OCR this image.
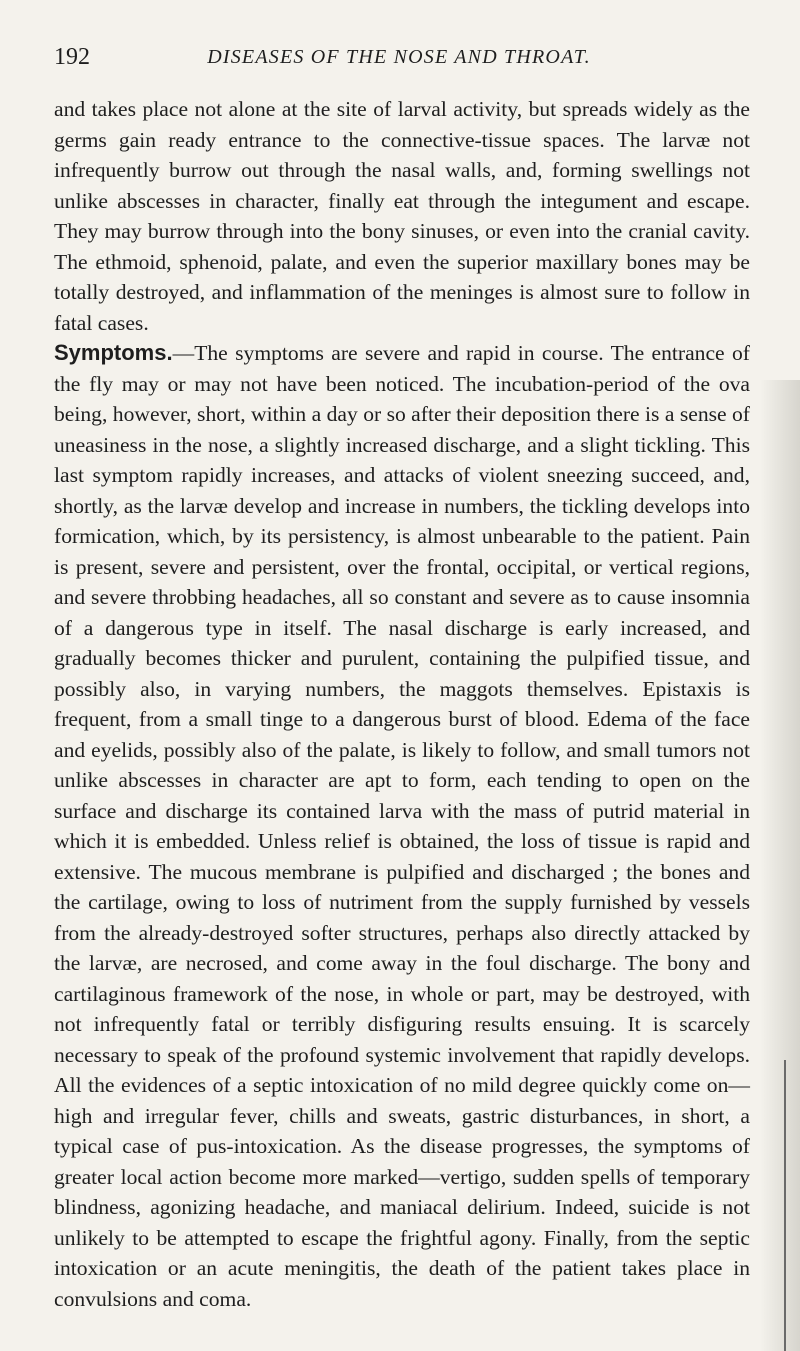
192	DISEASES OF THE NOSE AND THROAT.

and takes place not alone at the site of larval activity, but spreads widely as the germs gain ready entrance to the connective-tissue spaces. The larvæ not infrequently burrow out through the nasal walls, and, forming swellings not unlike abscesses in character, finally eat through the integument and escape. They may burrow through into the bony sinuses, or even into the cranial cavity. The ethmoid, sphenoid, palate, and even the superior maxillary bones may be totally destroyed, and inflammation of the meninges is almost sure to follow in fatal cases.

Symptoms.—The symptoms are severe and rapid in course. The entrance of the fly may or may not have been noticed. The incubation-period of the ova being, however, short, within a day or so after their deposition there is a sense of uneasiness in the nose, a slightly increased discharge, and a slight tickling. This last symptom rapidly increases, and attacks of violent sneezing succeed, and, shortly, as the larvæ develop and increase in numbers, the tickling develops into formication, which, by its persistency, is almost unbearable to the patient. Pain is present, severe and persistent, over the frontal, occipital, or vertical regions, and severe throbbing headaches, all so constant and severe as to cause insomnia of a dangerous type in itself. The nasal discharge is early increased, and gradually becomes thicker and purulent, containing the pulpified tissue, and possibly also, in varying numbers, the maggots themselves. Epistaxis is frequent, from a small tinge to a dangerous burst of blood. Edema of the face and eyelids, possibly also of the palate, is likely to follow, and small tumors not unlike abscesses in character are apt to form, each tending to open on the surface and discharge its contained larva with the mass of putrid material in which it is embedded. Unless relief is obtained, the loss of tissue is rapid and extensive. The mucous membrane is pulpified and discharged ; the bones and the cartilage, owing to loss of nutriment from the supply furnished by vessels from the already-destroyed softer structures, perhaps also directly attacked by the larvæ, are necrosed, and come away in the foul discharge. The bony and cartilaginous framework of the nose, in whole or part, may be destroyed, with not infrequently fatal or terribly disfiguring results ensuing. It is scarcely necessary to speak of the profound systemic involvement that rapidly develops. All the evidences of a septic intoxication of no mild degree quickly come on—high and irregular fever, chills and sweats, gastric disturbances, in short, a typical case of pus-intoxication. As the disease progresses, the symptoms of greater local action become more marked—vertigo, sudden spells of temporary blindness, agonizing headache, and maniacal delirium. Indeed, suicide is not unlikely to be attempted to escape the frightful agony. Finally, from the septic intoxication or an acute meningitis, the death of the patient takes place in convulsions and coma.
